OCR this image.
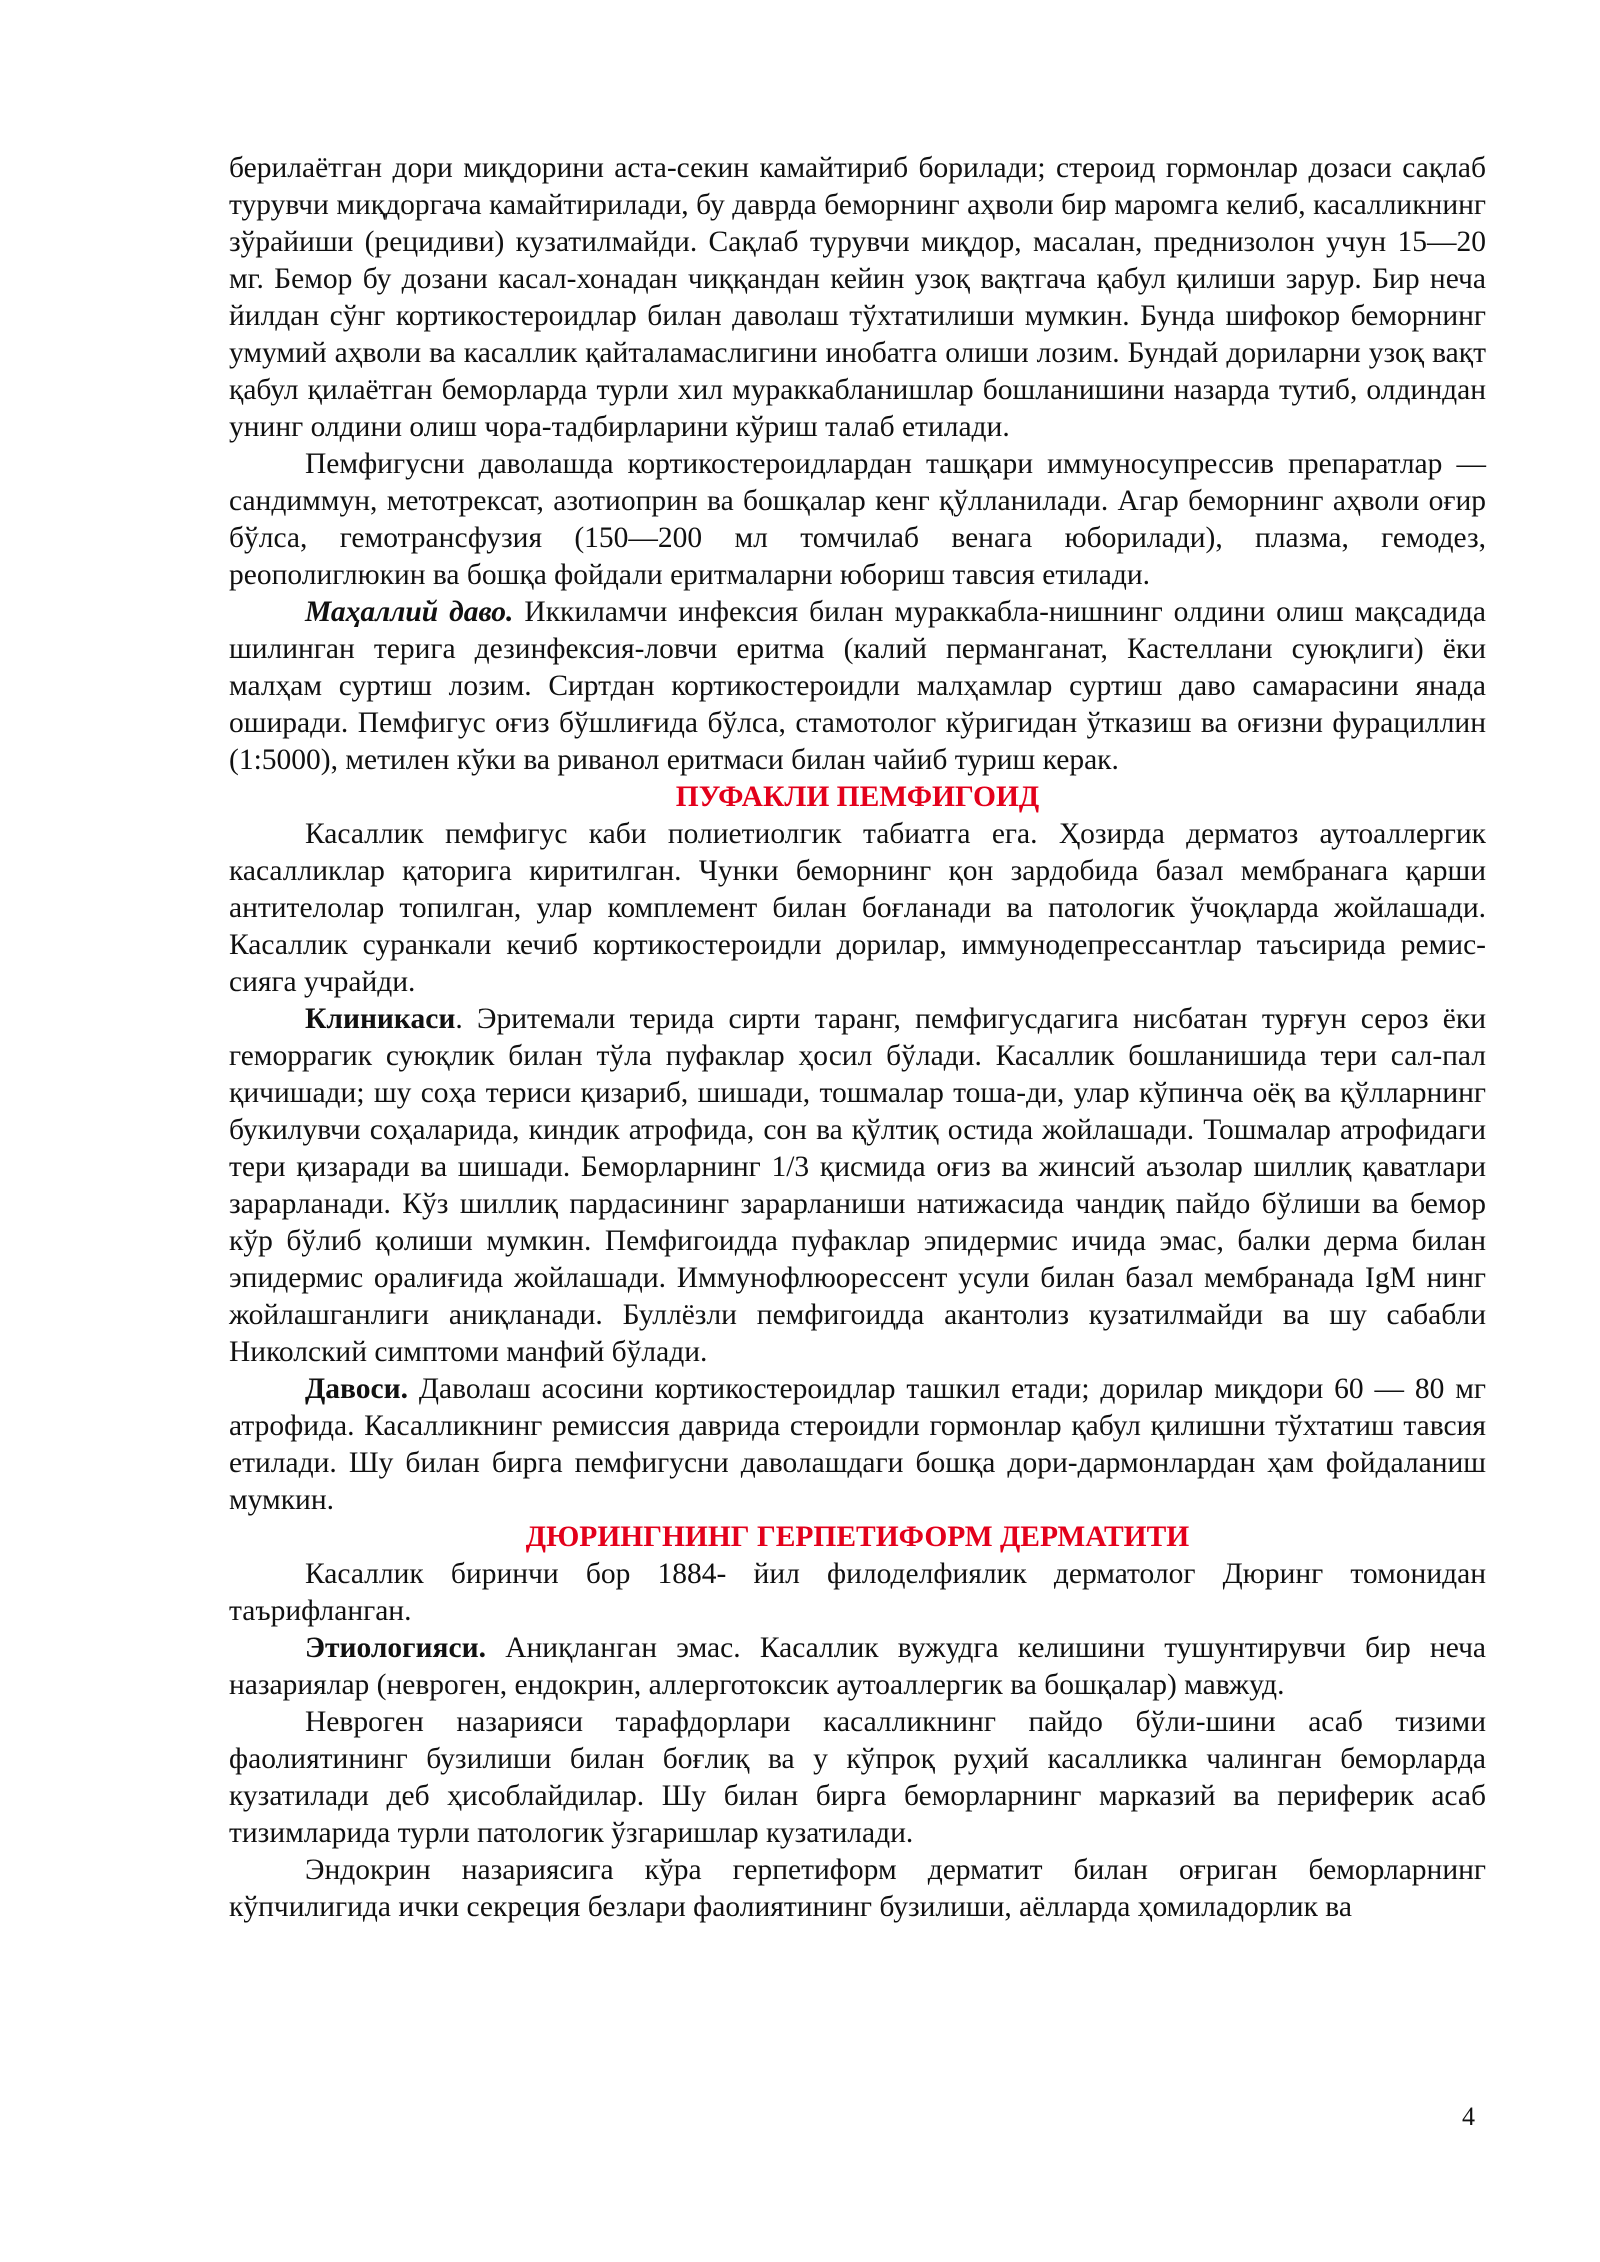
берилаётган дори миқдорини аста-секин камайтириб борилади; стероид гормонлар дозаси сақлаб турувчи миқдоргача камайтирилади, бу даврда беморнинг аҳволи бир маромга келиб, касалликнинг зўрайиши (рецидиви) кузатилмайди. Сақлаб турувчи миқдор, масалан, преднизолон учун 15—20 мг. Бемор бу дозани касал-хонадан чиққандан кейин узоқ вақтгача қабул қилиши зарур. Бир неча йилдан сўнг кортикостероидлар билан даволаш тўхтатилиши мумкин. Бунда шифокор беморнинг умумий аҳволи ва касаллик қайталамаслигини инобатга олиши лозим. Бундай дориларни узоқ вақт қабул қилаётган беморларда турли хил мураккабланишлар бошланишини назарда тутиб, олдиндан унинг олдини олиш чора-тадбирларини кўриш талаб етилади.

Пемфигусни даволашда кортикостероидлардан ташқари иммуносупрессив препаратлар — сандиммун, метотрексат, азотиоприн ва бошқалар кенг қўлланилади. Агар беморнинг аҳволи оғир бўлса, гемотрансфузия (150—200 мл томчилаб венага юборилади), плазма, гемодез, реополиглюкин ва бошқа фойдали еритмаларни юбориш тавсия етилади.

Маҳаллий даво. Иккиламчи инфексия билан мураккабла-нишнинг олдини олиш мақсадида шилинган терига дезинфексия-ловчи еритма (калий перманганат, Кастеллани суюқлиги) ёки малҳам суртиш лозим. Сиртдан кортикостероидли малҳамлар суртиш даво самарасини янада оширади. Пемфигус оғиз бўшлиғида бўлса, стамотолог кўригидан ўтказиш ва оғизни фурациллин (1:5000), метилен кўки ва риванол еритмаси билан чайиб туриш керак.

ПУФАКЛИ ПЕМФИГОИД

Касаллик пемфигус каби полиетиолгик табиатга ега. Ҳозирда дерматоз аутоаллергик касалликлар қаторига киритилган. Чунки беморнинг қон зардобида базал мембранага қарши антителолар топилган, улар комплемент билан боғланади ва патологик ўчоқларда жойлашади. Касаллик суранкали кечиб кортикостероидли дорилар, иммунодепрессантлар таъсирида ремис-сияга учрайди.

Клиникаси. Эритемали терида сирти таранг, пемфигусдагига нисбатан турғун сероз ёки геморрагик суюқлик билан тўла пуфаклар ҳосил бўлади. Касаллик бошланишида тери сал-пал қичишади; шу соҳа териси қизариб, шишади, тошмалар тоша-ди, улар кўпинча оёқ ва қўлларнинг букилувчи соҳаларида, киндик атрофида, сон ва қўлтиқ остида жойлашади. Тошмалар атрофидаги тери қизаради ва шишади. Беморларнинг 1/3 қисмида оғиз ва жинсий аъзолар шиллиқ қаватлари зарарланади. Кўз шиллиқ пардасининг зарарланиши натижасида чандиқ пайдо бўлиши ва бемор кўр бўлиб қолиши мумкин. Пемфигоидда пуфаклар эпидермис ичида эмас, балки дерма билан эпидермис оралиғида жойлашади. Иммунофлюорессент усули билан базал мембранада IgM нинг жойлашганлиги аниқланади. Буллёзли пемфигоидда акантолиз кузатилмайди ва шу сабабли Николский симптоми манфий бўлади.

Давоси. Даволаш асосини кортикостероидлар ташкил етади; дорилар миқдори 60 — 80 мг атрофида. Касалликнинг ремиссия даврида стероидли гормонлар қабул қилишни тўхтатиш тавсия етилади. Шу билан бирга пемфигусни даволашдаги бошқа дори-дармонлардан ҳам фойдаланиш мумкин.

ДЮРИНГНИНГ ГЕРПЕТИФОРМ ДЕРМАТИТИ

Касаллик биринчи бор 1884- йил филоделфиялик дерматолог Дюринг томонидан таърифланган.

Этиологияси. Аниқланган эмас. Касаллик вужудга келишини тушунтирувчи бир неча назариялар (неврогeн, ендокрин, аллерготоксик аутоаллергик ва бошқалар) мавжуд.

Неврогeн назарияси тарафдорлари касалликнинг пайдо бўли-шини асаб тизими фаолиятининг бузилиши билан боғлиқ ва у кўпроқ руҳий касалликка чалинган беморларда кузатилади деб ҳисоблайдилар. Шу билан бирга беморларнинг марказий ва периферик асаб тизимларида турли патологик ўзгаришлар кузатилади.

Эндокрин назариясига кўра герпетиформ дерматит билан оғриган беморларнинг кўпчилигида ички секреция безлари фаолиятининг бузилиши, аёлларда ҳомиладорлик ва

4
